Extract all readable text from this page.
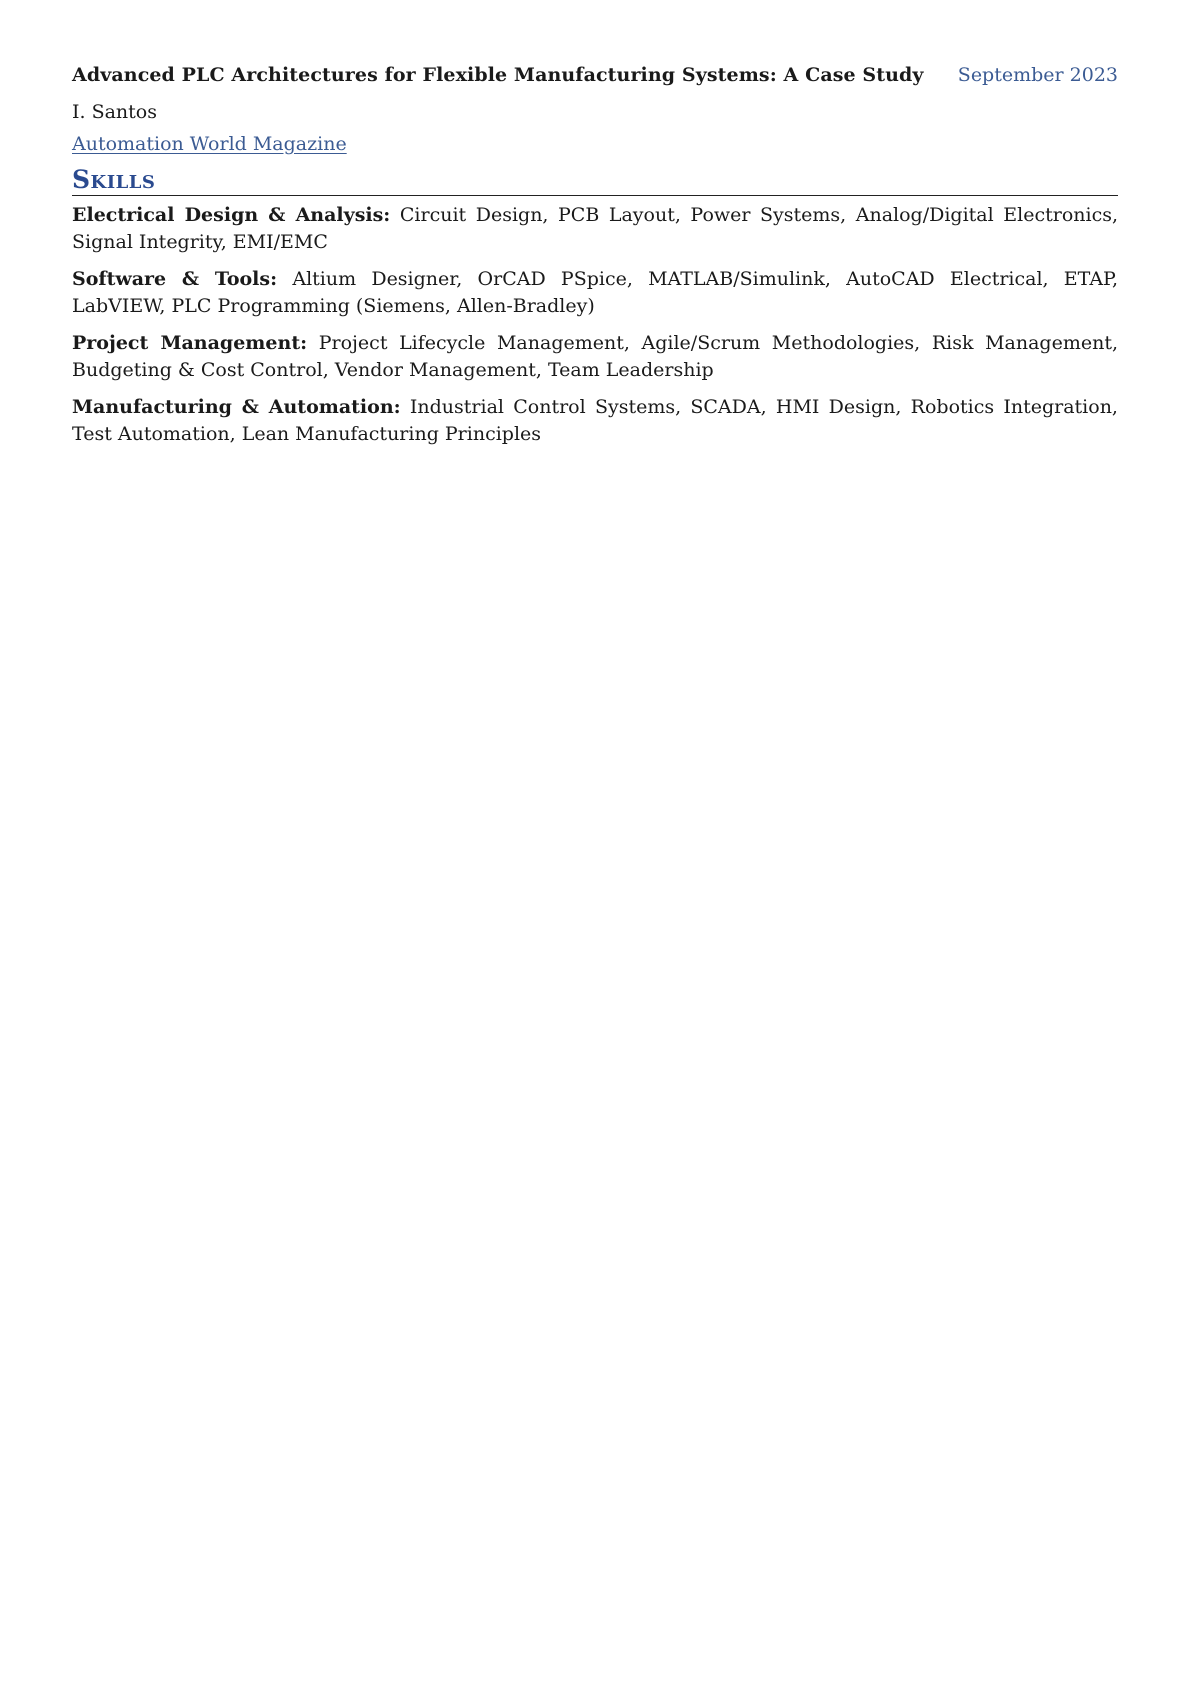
Advanced PLC Architectures for Flexible Manufacturing Systems: A Case Study September 2023
I. Santos
Automation World Magazine
Skills
Electrical Design & Analysis: Circuit Design, PCB Layout, Power Systems, Analog/Digital Electronics, Signal Integrity, EMI/EMC
Software & Tools: Altium Designer, OrCAD PSpice, MATLAB/Simulink, AutoCAD Electrical, ETAP, LabVIEW, PLC Programming (Siemens, Allen-Bradley)
Project Management: Project Lifecycle Management, Agile/Scrum Methodologies, Risk Management, Budgeting & Cost Control, Vendor Management, Team Leadership
Manufacturing & Automation: Industrial Control Systems, SCADA, HMI Design, Robotics Integration, Test Automation, Lean Manufacturing Principles
